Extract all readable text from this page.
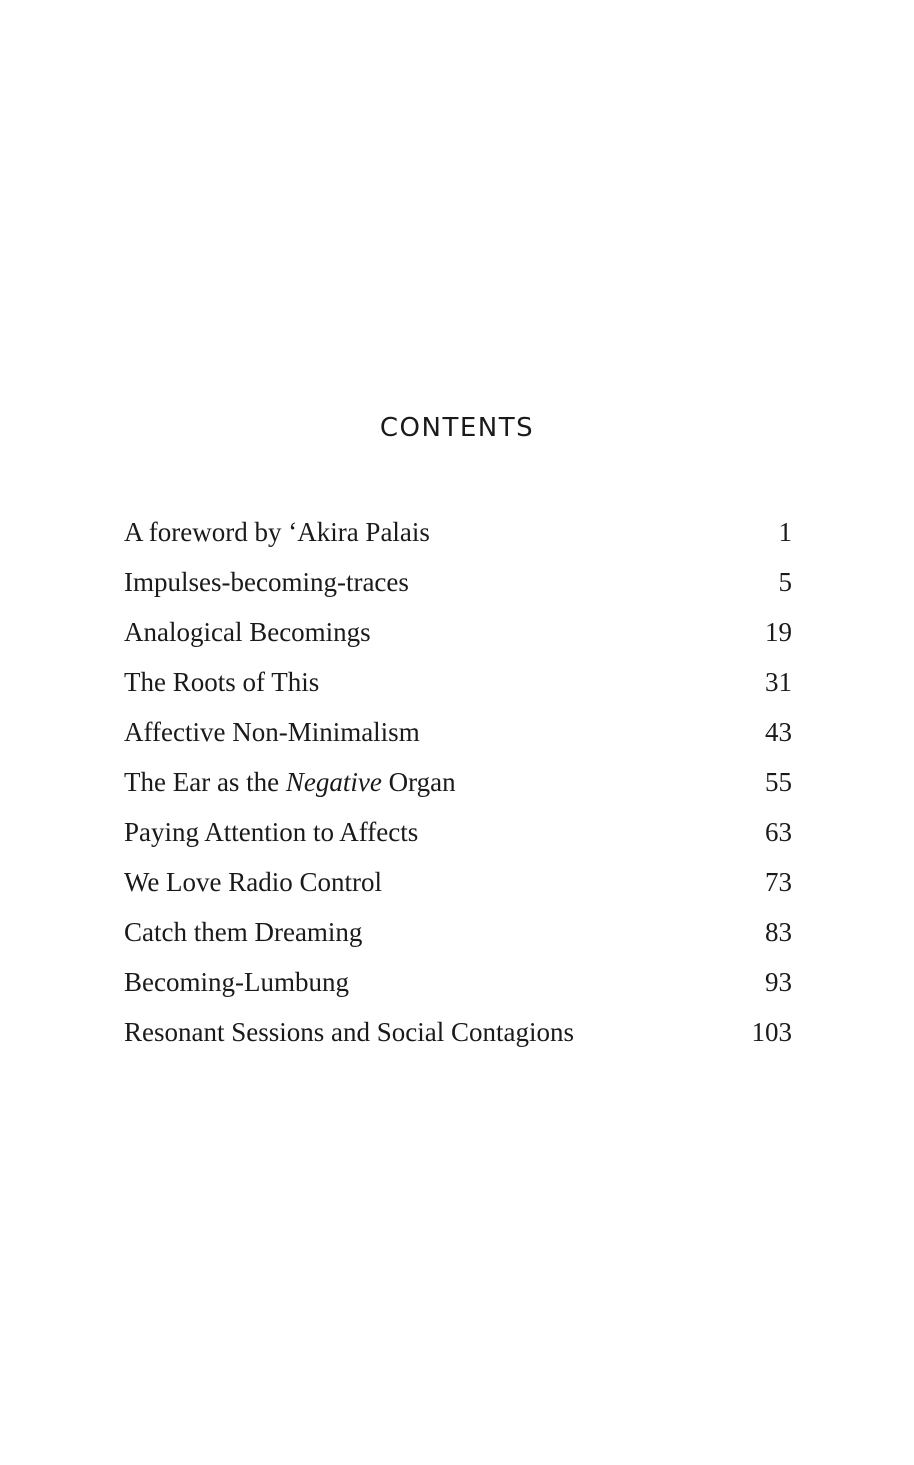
CONTENTS
A foreword by ʻAkira Palais	1
Impulses-becoming-traces	5
Analogical Becomings	19
The Roots of This	31
Affective Non-Minimalism	43
The Ear as the Negative Organ	55
Paying Attention to Affects	63
We Love Radio Control	73
Catch them Dreaming	83
Becoming-Lumbung	93
Resonant Sessions and Social Contagions	103
